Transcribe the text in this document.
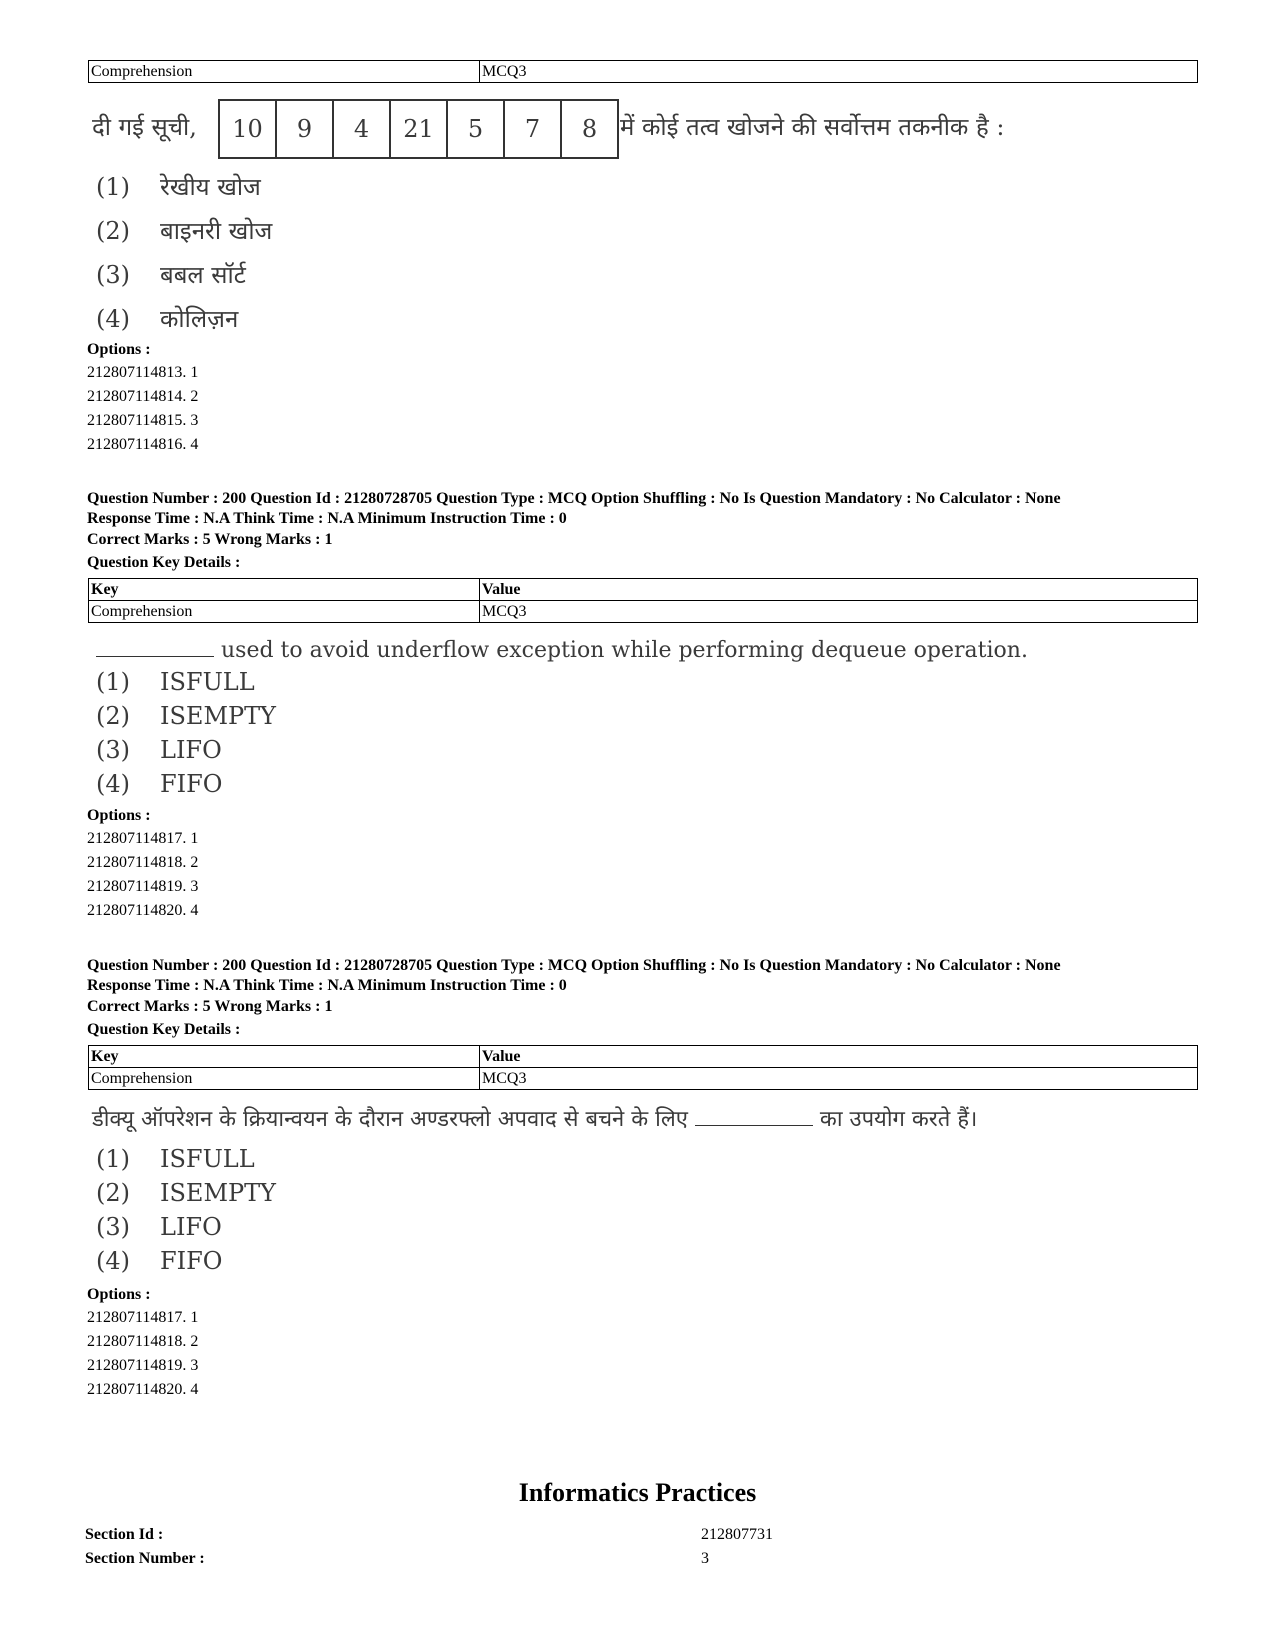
Comprehension	MCQ3
दी गई सूची,	10	9	4	21	5	7	8 में कोई तत्व खोजने की सर्वोत्तम तकनीक है :
(1) रेखीय खोज
(2) बाइनरी खोज
(3) बबल सॉर्ट
(4) कोलिज़न
Options :
212807114813. 1
212807114814. 2
212807114815. 3
212807114816. 4
Question Number : 200 Question Id : 21280728705 Question Type : MCQ Option Shuffling : No Is Question Mandatory : No Calculator : None
Response Time : N.A Think Time : N.A Minimum Instruction Time : 0
Correct Marks : 5 Wrong Marks : 1
Question Key Details :
Key	Value
Comprehension	MCQ3
used to avoid underflow exception while performing dequeue operation.
(1) ISFULL
(2) ISEMPTY
(3) LIFO
(4) FIFO
Options :
212807114817. 1
212807114818. 2
212807114819. 3
212807114820. 4
Question Number : 200 Question Id : 21280728705 Question Type : MCQ Option Shuffling : No Is Question Mandatory : No Calculator : None
Response Time : N.A Think Time : N.A Minimum Instruction Time : 0
Correct Marks : 5 Wrong Marks : 1
Question Key Details :
Key	Value
Comprehension	MCQ3
डीक्यू ऑपरेशन के क्रियान्वयन के दौरान अण्डरफ्लो अपवाद से बचने के लिए	का उपयोग करते हैं।
(1) ISFULL
(2) ISEMPTY
(3) LIFO
(4) FIFO
Options :
212807114817. 1
212807114818. 2
212807114819. 3
212807114820. 4
Informatics Practices
Section Id :	212807731
Section Number :	3
